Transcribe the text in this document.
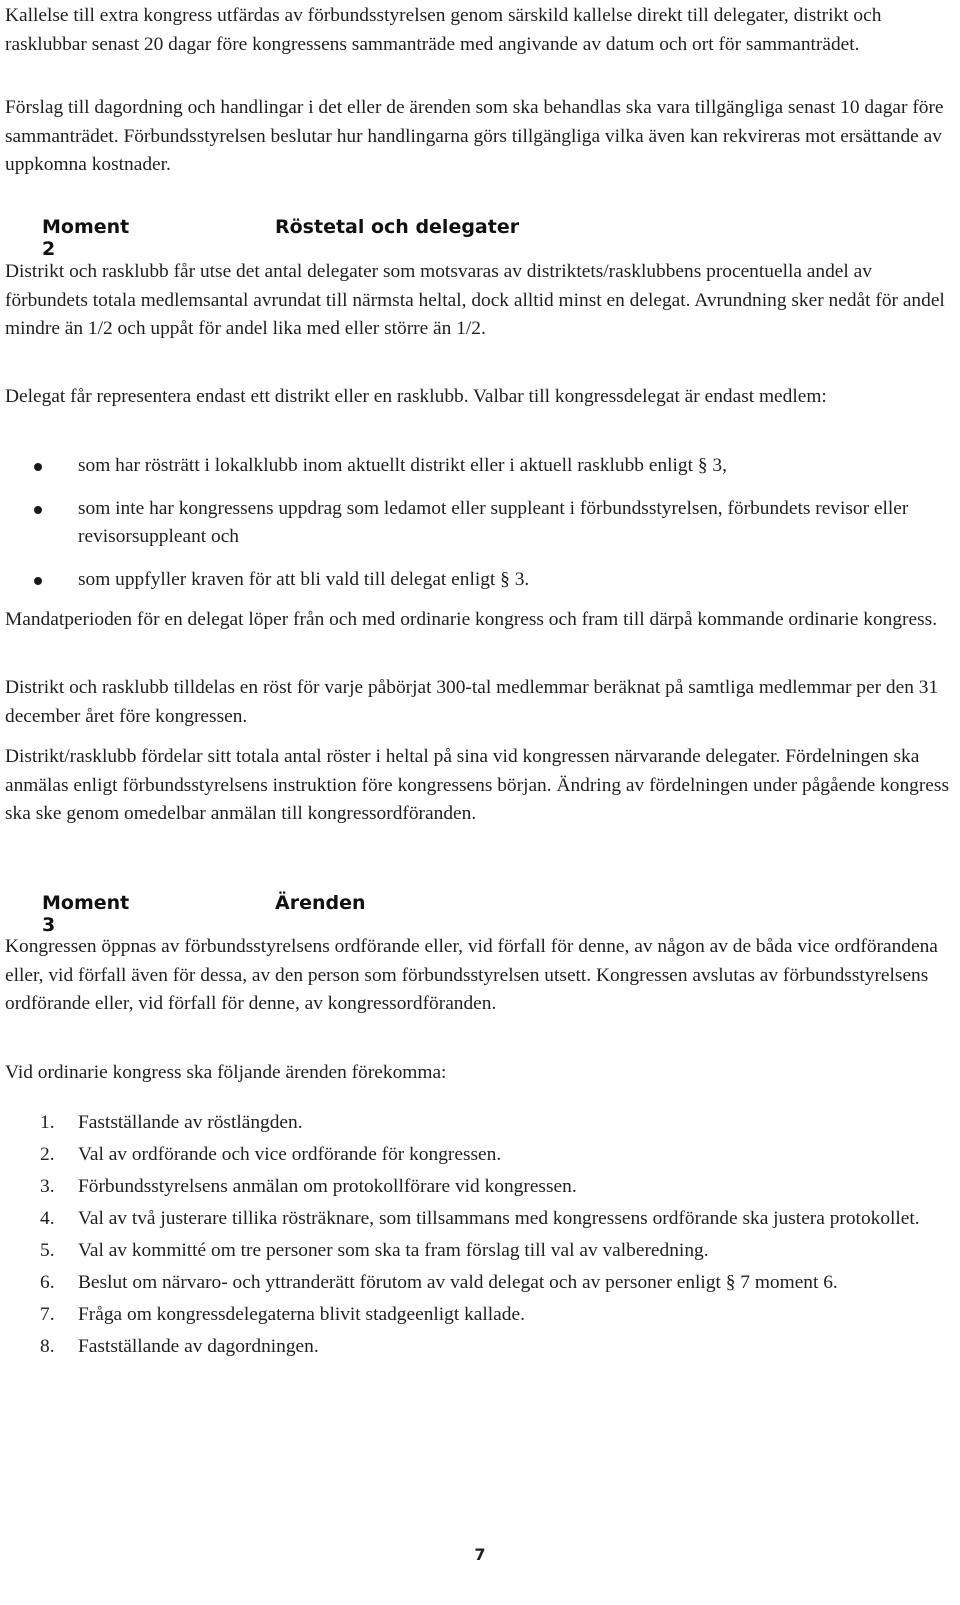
Kallelse till extra kongress utfärdas av förbundsstyrelsen genom särskild kallelse direkt till delegater, distrikt och rasklubbar senast 20 dagar före kongressens sammanträde med angivande av datum och ort för sammanträdet.

Förslag till dagordning och handlingar i det eller de ärenden som ska behandlas ska vara tillgängliga senast 10 dagar före sammanträdet. Förbundsstyrelsen beslutar hur handlingarna görs tillgängliga vilka även kan rekvireras mot ersättande av uppkomna kostnader.

Moment 2
Röstetal och delegater

Distrikt och rasklubb får utse det antal delegater som motsvaras av distriktets/rasklubbens procentuella andel av förbundets totala medlemsantal avrundat till närmsta heltal, dock alltid minst en delegat. Avrundning sker nedåt för andel mindre än 1/2 och uppåt för andel lika med eller större än 1/2.

Delegat får representera endast ett distrikt eller en rasklubb. Valbar till kongressdelegat är endast medlem:

som har rösträtt i lokalklubb inom aktuellt distrikt eller i aktuell rasklubb enligt § 3,
som inte har kongressens uppdrag som ledamot eller suppleant i förbundsstyrelsen, förbundets revisor eller revisorsuppleant och
som uppfyller kraven för att bli vald till delegat enligt § 3.

Mandatperioden för en delegat löper från och med ordinarie kongress och fram till därpå kommande ordinarie kongress.

Distrikt och rasklubb tilldelas en röst för varje påbörjat 300-tal medlemmar beräknat på samtliga medlemmar per den 31 december året före kongressen.

Distrikt/rasklubb fördelar sitt totala antal röster i heltal på sina vid kongressen närvarande delegater. Fördelningen ska anmälas enligt förbundsstyrelsens instruktion före kongressens början. Ändring av fördelningen under pågående kongress ska ske genom omedelbar anmälan till kongressordföranden.

Moment 3
Ärenden

Kongressen öppnas av förbundsstyrelsens ordförande eller, vid förfall för denne, av någon av de båda vice ordförandena eller, vid förfall även för dessa, av den person som förbundsstyrelsen utsett. Kongressen avslutas av förbundsstyrelsens ordförande eller, vid förfall för denne, av kongressordföranden.

Vid ordinarie kongress ska följande ärenden förekomma:

1. Fastställande av röstlängden.
2. Val av ordförande och vice ordförande för kongressen.
3. Förbundsstyrelsens anmälan om protokollförare vid kongressen.
4. Val av två justerare tillika rösträknare, som tillsammans med kongressens ordförande ska justera protokollet.
5. Val av kommitté om tre personer som ska ta fram förslag till val av valberedning.
6. Beslut om närvaro- och yttranderätt förutom av vald delegat och av personer enligt § 7 moment 6.
7. Fråga om kongressdelegaterna blivit stadgeenligt kallade.
8. Fastställande av dagordningen.
7
